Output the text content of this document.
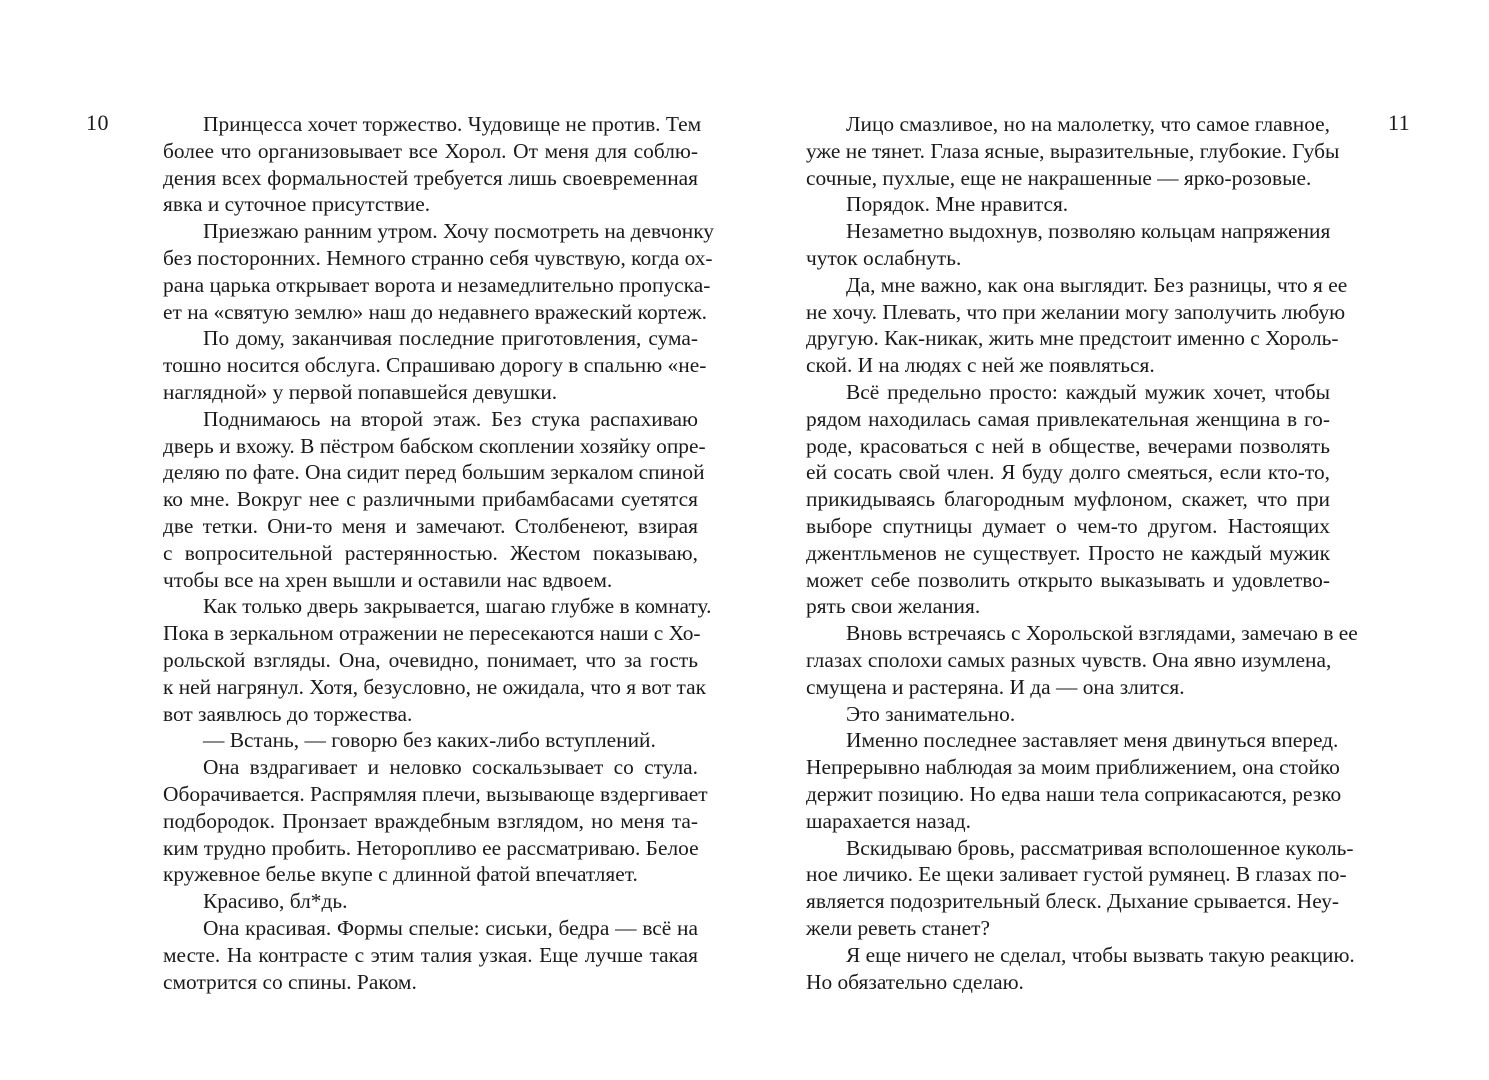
10	Принцесса хочет торжество. Чудовище не против. Тем
более что организовывает все Хорол. От меня для соблю-
дения всех формальностей требуется лишь своевременная
явка и суточное присутствие.
Приезжаю ранним утром. Хочу посмотреть на девчонку
без посторонних. Немного странно себя чувствую, когда ох-
рана царька открывает ворота и незамедлительно пропуска-
ет на «святую землю» наш до недавнего вражеский кортеж.
По дому, заканчивая последние приготовления, сума-
тошно носится обслуга. Спрашиваю дорогу в спальню «не-
наглядной» у первой попавшейся девушки.
Поднимаюсь на второй этаж. Без стука распахиваю
дверь и вхожу. В пёстром бабском скоплении хозяйку опре-
деляю по фате. Она сидит перед большим зеркалом спиной
ко мне. Вокруг нее с различными прибамбасами суетятся
две тетки. Они-то меня и замечают. Столбенеют, взирая
с вопросительной растерянностью. Жестом показываю,
чтобы все на хрен вышли и оставили нас вдвоем.
Как только дверь закрывается, шагаю глубже в комнату.
Пока в зеркальном отражении не пересекаются наши с Хо-
рольской взгляды. Она, очевидно, понимает, что за гость
к ней нагрянул. Хотя, безусловно, не ожидала, что я вот так
вот заявлюсь до торжества.
— Встань, — говорю без каких-либо вступлений.
Она вздрагивает и неловко соскальзывает со стула.
Оборачивается. Распрямляя плечи, вызывающе вздергивает
подбородок. Пронзает враждебным взглядом, но меня та-
ким трудно пробить. Неторопливо ее рассматриваю. Белое
кружевное белье вкупе с длинной фатой впечатляет.
Красиво, бл*дь.
Она красивая. Формы спелые: сиськи, бедра — всё на
месте. На контрасте с этим талия узкая. Еще лучше такая
смотрится со спины. Раком.
11
Лицо смазливое, но на малолетку, что самое главное,
уже не тянет. Глаза ясные, выразительные, глубокие. Губы
сочные, пухлые, еще не накрашенные — ярко-розовые.
Порядок. Мне нравится.
Незаметно выдохнув, позволяю кольцам напряжения
чуток ослабнуть.
Да, мне важно, как она выглядит. Без разницы, что я ее
не хочу. Плевать, что при желании могу заполучить любую
другую. Как-никак, жить мне предстоит именно с Хороль-
ской. И на людях с ней же появляться.
Всё предельно просто: каждый мужик хочет, чтобы
рядом находилась самая привлекательная женщина в го-
роде, красоваться с ней в обществе, вечерами позволять
ей сосать свой член. Я буду долго смеяться, если кто-то,
прикидываясь благородным муфлоном, скажет, что при
выборе спутницы думает о чем-то другом. Настоящих
джентльменов не существует. Просто не каждый мужик
может себе позволить открыто выказывать и удовлетво-
рять свои желания.
Вновь встречаясь с Хорольской взглядами, замечаю в ее
глазах сполохи самых разных чувств. Она явно изумлена,
смущена и растеряна. И да — она злится.
Это занимательно.
Именно последнее заставляет меня двинуться вперед.
Непрерывно наблюдая за моим приближением, она стойко
держит позицию. Но едва наши тела соприкасаются, резко
шарахается назад.
Вскидываю бровь, рассматривая всполошенное куколь-
ное личико. Ее щеки заливает густой румянец. В глазах по-
является подозрительный блеск. Дыхание срывается. Неу-
жели реветь станет?
Я еще ничего не сделал, чтобы вызвать такую реакцию.
Но обязательно сделаю.
